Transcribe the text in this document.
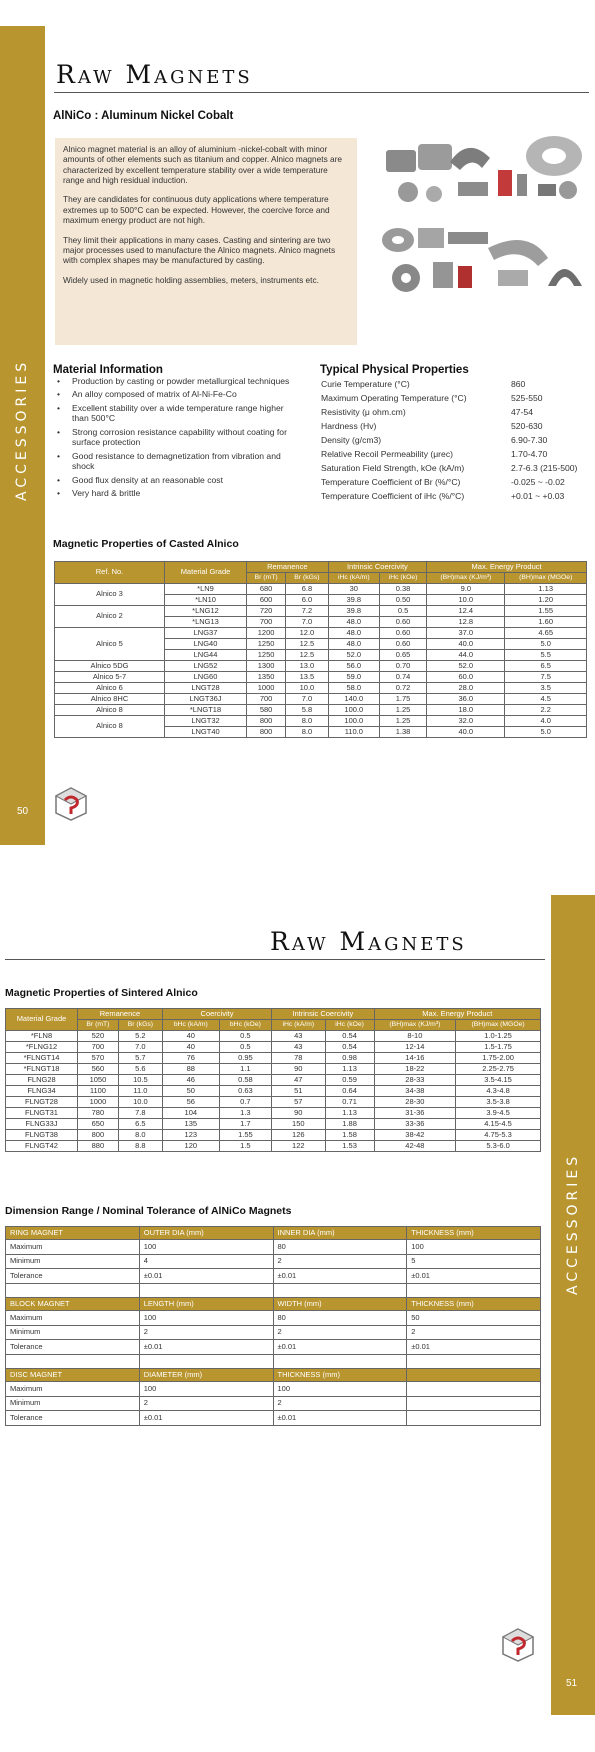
ACCESSORIES
50
Raw Magnets
AlNiCo : Aluminum Nickel Cobalt

Alnico magnet material is an alloy of aluminium -nickel-cobalt with minor amounts of other elements such as titanium and copper. Alnico magnets are characterized by excellent temperature stability over a wide temperature range and high residual induction.

They are candidates for continuous duty applications where temperature extremes up to 500°C can be expected. However, the coercive force and maximum energy product are not high.

They limit their applications in many cases. Casting and sintering are two major processes used to manufacture the Alnico magnets. Alnico magnets with complex shapes may be manufactured by casting.

Widely used in magnetic holding assemblies, meters, instruments etc.

Material Information
• Production by casting or powder metallurgical techniques
• An alloy composed of matrix of Al-Ni-Fe-Co
• Excellent stability over a wide temperature range higher than 500°C
• Strong corrosion resistance capability without coating for surface protection
• Good resistance to demagnetization from vibration and shock
• Good flux density at an reasonable cost
• Very hard & brittle
Typical Physical Properties
Curie Temperature (°C)	860
Maximum Operating Temperature (°C)	525-550
Resistivity (μ ohm.cm)	47-54
Hardness (Hv)	520-630
Density (g/cm3)	6.90-7.30
Relative Recoil Permeability (μrec)	1.70-4.70
Saturation Field Strength, kOe (kA/m)	2.7-6.3 (215-500)
Temperature Coefficient of Br (%/°C)	-0.025 ~ -0.02
Temperature Coefficient of iHc (%/°C)	+0.01 ~ +0.03
Magnetic Properties of Casted Alnico
Ref. No.	Material Grade	Remanence		Intrinsic Coercivity		Max. Energy Product	
		Br (mT)	Br (kGs)	iHc (kA/m)	iHc (kOe)	(BH)max (KJ/m³)	(BH)max (MGOe)
Alnico 3	*LN9	680	6.8	30	0.38	9.0	1.13
	*LN10	600	6.0	39.8	0.50	10.0	1.20
Alnico 2	*LNG12	720	7.2	39.8	0.5	12.4	1.55
	*LNG13	700	7.0	48.0	0.60	12.8	1.60
Alnico 5	LNG37	1200	12.0	48.0	0.60	37.0	4.65
	LNG40	1250	12.5	48.0	0.60	40.0	5.0
	LNG44	1250	12.5	52.0	0.65	44.0	5.5
Alnico 5DG	LNG52	1300	13.0	56.0	0.70	52.0	6.5
Alnico 5-7	LNG60	1350	13.5	59.0	0.74	60.0	7.5
Alnico 6	LNGT28	1000	10.0	58.0	0.72	28.0	3.5
Alnico 8HC	LNGT36J	700	7.0	140.0	1.75	36.0	4.5
Alnico 8	*LNGT18	580	5.8	100.0	1.25	18.0	2.2
Alnico 8	LNGT32	800	8.0	100.0	1.25	32.0	4.0
	LNGT40	800	8.0	110.0	1.38	40.0	5.0
ACCESSORIES
51
Raw Magnets
Magnetic Properties of Sintered Alnico
Material Grade	Remanence		Coercivity		Intrinsic Coercivity		Max. Energy Product	
	Br (mT)	Br (kGs)	bHc (kA/m)	bHc (kOe)	iHc (kA/m)	iHc (kOe)	(BH)max (KJ/m³)	(BH)max (MGOe)
*FLN8	520	5.2	40	0.5	43	0.54	8-10	1.0-1.25
*FLNG12	700	7.0	40	0.5	43	0.54	12-14	1.5-1.75
*FLNGT14	570	5.7	76	0.95	78	0.98	14-16	1.75-2.00
*FLNGT18	560	5.6	88	1.1	90	1.13	18-22	2.25-2.75
FLNG28	1050	10.5	46	0.58	47	0.59	28-33	3.5-4.15
FLNG34	1100	11.0	50	0.63	51	0.64	34-38	4.3-4.8
FLNGT28	1000	10.0	56	0.7	57	0.71	28-30	3.5-3.8
FLNGT31	780	7.8	104	1.3	90	1.13	31-36	3.9-4.5
FLNG33J	650	6.5	135	1.7	150	1.88	33-36	4.15-4.5
FLNGT38	800	8.0	123	1.55	126	1.58	38-42	4.75-5.3
FLNGT42	880	8.8	120	1.5	122	1.53	42-48	5.3-6.0
Dimension Range / Nominal Tolerance of AlNiCo Magnets
RING MAGNET	OUTER DIA (mm)	INNER DIA (mm)	THICKNESS (mm)
Maximum	100	80	100
Minimum	4	2	5
Tolerance	±0.01	±0.01	±0.01

BLOCK MAGNET	LENGTH (mm)	WIDTH (mm)	THICKNESS (mm)
Maximum	100	80	50
Minimum	2	2	2
Tolerance	±0.01	±0.01	±0.01

DISC MAGNET	DIAMETER (mm)	THICKNESS (mm)	
Maximum	100	100	
Minimum	2	2	
Tolerance	±0.01	±0.01	
